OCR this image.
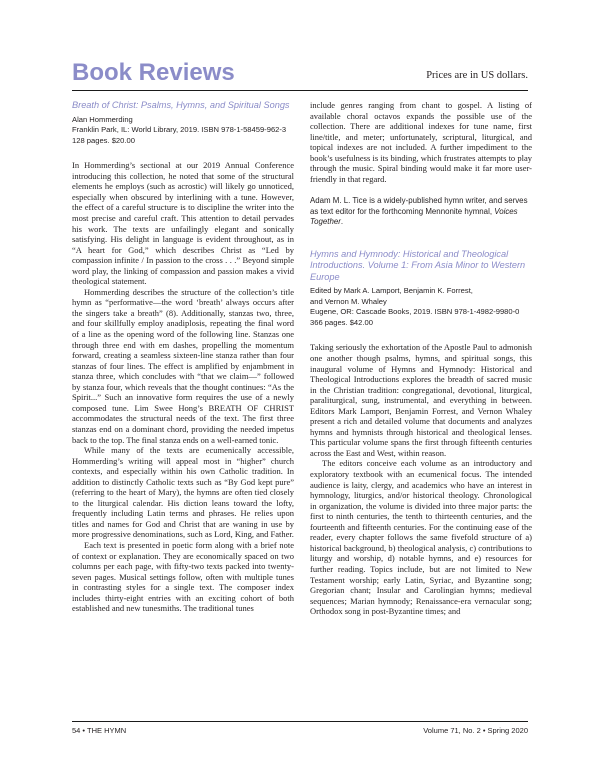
Book Reviews	Prices are in US dollars.

Breath of Christ: Psalms, Hymns, and Spiritual Songs

Alan Hommerding

Franklin Park, IL: World Library, 2019. ISBN 978-1-58459-962-3

128 pages. $20.00

In Hommerding’s sectional at our 2019 Annual Conference introducing this collection, he noted that some of the structural elements he employs (such as acrostic) will likely go unnoticed, especially when obscured by interlining with a tune. However, the effect of a careful structure is to discipline the writer into the most precise and careful craft. This attention to detail pervades his work. The texts are unfailingly elegant and sonically satisfying. His delight in language is evident throughout, as in “A heart for God,” which describes Christ as “Led by compassion infinite / In passion to the cross . . .” Beyond simple word play, the linking of compassion and passion makes a vivid theological statement.

Hommerding describes the structure of the collection’s title hymn as “performative—the word ‘breath’ always occurs after the singers take a breath” (8). Additionally, stanzas two, three, and four skillfully employ anadiplosis, repeating the final word of a line as the opening word of the following line. Stanzas one through three end with em dashes, propelling the momentum forward, creating a seamless sixteen-line stanza rather than four stanzas of four lines. The effect is amplified by enjambment in stanza three, which concludes with “that we claim—” followed by stanza four, which reveals that the thought continues: “As the Spirit...” Such an innovative form requires the use of a newly composed tune. Lim Swee Hong’s BREATH OF CHRIST accommodates the structural needs of the text. The first three stanzas end on a dominant chord, providing the needed impetus back to the top. The final stanza ends on a well-earned tonic.

While many of the texts are ecumenically accessible, Hommerding’s writing will appeal most in “higher” church contexts, and especially within his own Catholic tradition. In addition to distinctly Catholic texts such as “By God kept pure” (referring to the heart of Mary), the hymns are often tied closely to the liturgical calendar. His diction leans toward the lofty, frequently including Latin terms and phrases. He relies upon titles and names for God and Christ that are waning in use by more progressive denominations, such as Lord, King, and Father.

Each text is presented in poetic form along with a brief note of context or explanation. They are economically spaced on two columns per each page, with fifty-two texts packed into twenty-seven pages. Musical settings follow, often with multiple tunes in contrasting styles for a single text. The composer index includes thirty-eight entries with an exciting cohort of both established and new tunesmiths. The traditional tunes

include genres ranging from chant to gospel. A listing of available choral octavos expands the possible use of the collection. There are additional indexes for tune name, first line/title, and meter; unfortunately, scriptural, liturgical, and topical indexes are not included. A further impediment to the book’s usefulness is its binding, which frustrates attempts to play through the music. Spiral binding would make it far more user-friendly in that regard.

Adam M. L. Tice is a widely-published hymn writer, and serves as text editor for the forthcoming Mennonite hymnal, Voices Together.

Hymns and Hymnody: Historical and Theological Introductions. Volume 1: From Asia Minor to Western Europe

Edited by Mark A. Lamport, Benjamin K. Forrest,

and Vernon M. Whaley

Eugene, OR: Cascade Books, 2019. ISBN 978-1-4982-9980-0

366 pages. $42.00

Taking seriously the exhortation of the Apostle Paul to admonish one another though psalms, hymns, and spiritual songs, this inaugural volume of Hymns and Hymnody: Historical and Theological Introductions explores the breadth of sacred music in the Christian tradition: congregational, devotional, liturgical, paraliturgical, sung, instrumental, and everything in between. Editors Mark Lamport, Benjamin Forrest, and Vernon Whaley present a rich and detailed volume that documents and analyzes hymns and hymnists through historical and theological lenses. This particular volume spans the first through fifteenth centuries across the East and West, within reason.

The editors conceive each volume as an introductory and exploratory textbook with an ecumenical focus. The intended audience is laity, clergy, and academics who have an interest in hymnology, liturgics, and/or historical theology. Chronological in organization, the volume is divided into three major parts: the first to ninth centuries, the tenth to thirteenth centuries, and the fourteenth and fifteenth centuries. For the continuing ease of the reader, every chapter follows the same fivefold structure of a) historical background, b) theological analysis, c) contributions to liturgy and worship, d) notable hymns, and e) resources for further reading. Topics include, but are not limited to New Testament worship; early Latin, Syriac, and Byzantine song; Gregorian chant; Insular and Carolingian hymns; medieval sequences; Marian hymnody; Renaissance-era vernacular song; Orthodox song in post-Byzantine times; and

54 • THE HYMN	Volume 71, No. 2 • Spring 2020
